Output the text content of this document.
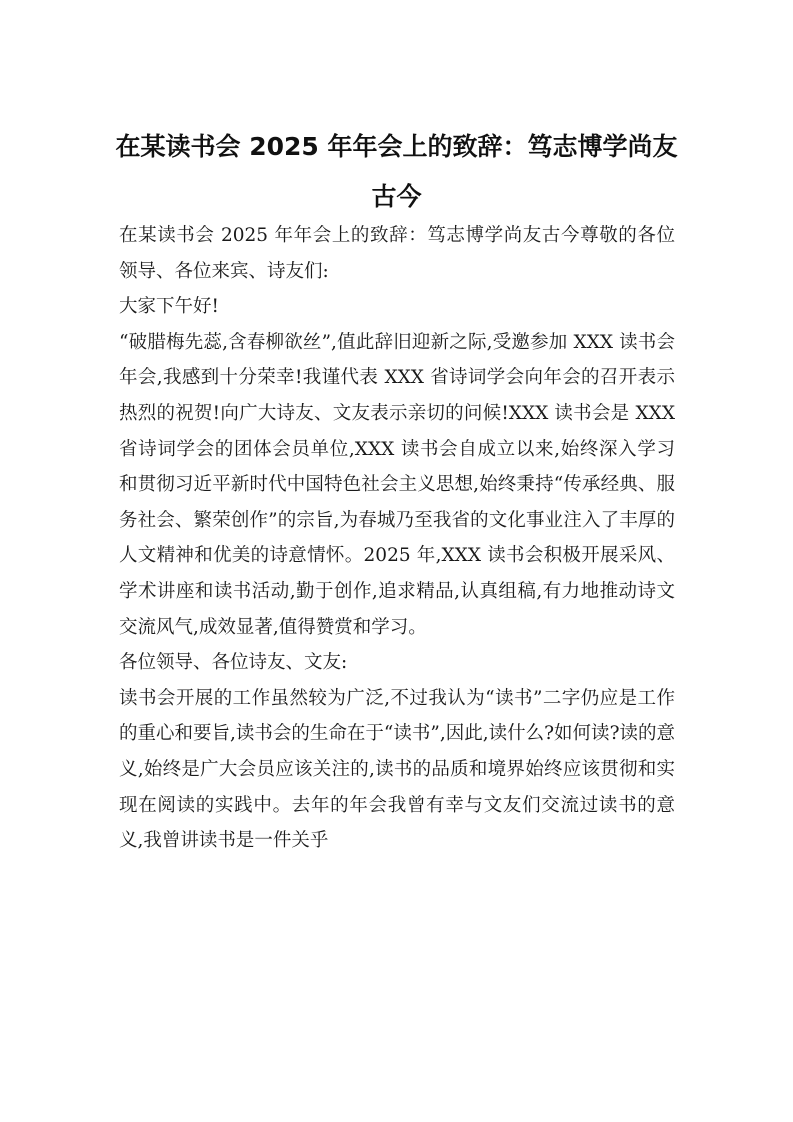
在某读书会 2025 年年会上的致辞：笃志博学尚友古今

在某读书会 2025 年年会上的致辞：笃志博学尚友古今尊敬的各位领导、各位来宾、诗友们:

大家下午好!

“破腊梅先蕊,含春柳欲丝”,值此辞旧迎新之际,受邀参加 XXX 读书会年会,我感到十分荣幸!我谨代表 XXX 省诗词学会向年会的召开表示热烈的祝贺!向广大诗友、文友表示亲切的问候!XXX 读书会是 XXX 省诗词学会的团体会员单位,XXX 读书会自成立以来,始终深入学习和贯彻习近平新时代中国特色社会主义思想,始终秉持“传承经典、服务社会、繁荣创作”的宗旨,为春城乃至我省的文化事业注入了丰厚的人文精神和优美的诗意情怀。2025 年,XXX 读书会积极开展采风、学术讲座和读书活动,勤于创作,追求精品,认真组稿,有力地推动诗文交流风气,成效显著,值得赞赏和学习。

各位领导、各位诗友、文友:

读书会开展的工作虽然较为广泛,不过我认为“读书”二字仍应是工作的重心和要旨,读书会的生命在于“读书”,因此,读什么?如何读?读的意义,始终是广大会员应该关注的,读书的品质和境界始终应该贯彻和实现在阅读的实践中。去年的年会我曾有幸与文友们交流过读书的意义,我曾讲读书是一件关乎
